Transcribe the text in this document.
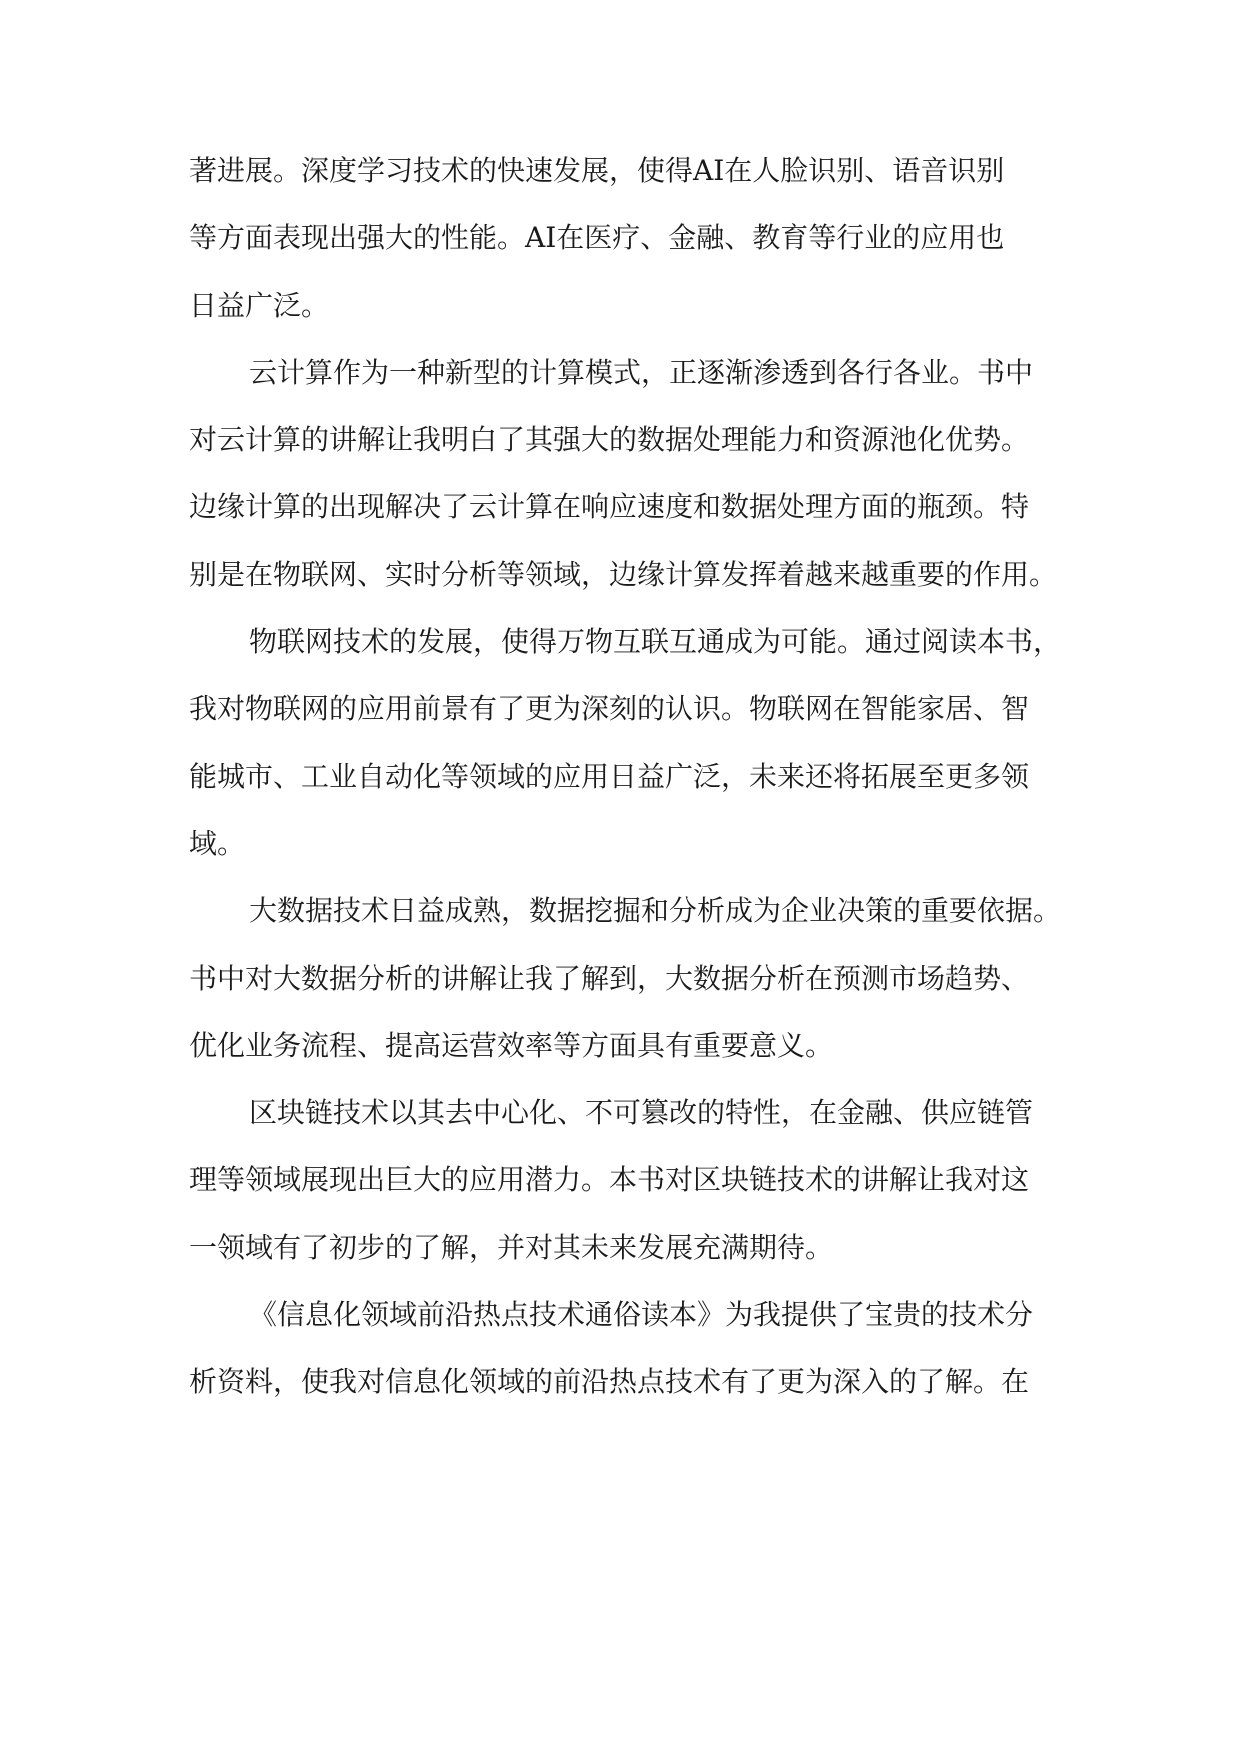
著进展。深度学习技术的快速发展，使得AI在人脸识别、语音识别
等方面表现出强大的性能。AI在医疗、金融、教育等行业的应用也
日益广泛。
云计算作为一种新型的计算模式，正逐渐渗透到各行各业。书中
对云计算的讲解让我明白了其强大的数据处理能力和资源池化优势。
边缘计算的出现解决了云计算在响应速度和数据处理方面的瓶颈。特
别是在物联网、实时分析等领域，边缘计算发挥着越来越重要的作用。
物联网技术的发展，使得万物互联互通成为可能。通过阅读本书，
我对物联网的应用前景有了更为深刻的认识。物联网在智能家居、智
能城市、工业自动化等领域的应用日益广泛，未来还将拓展至更多领
域。
大数据技术日益成熟，数据挖掘和分析成为企业决策的重要依据。
书中对大数据分析的讲解让我了解到，大数据分析在预测市场趋势、
优化业务流程、提高运营效率等方面具有重要意义。
区块链技术以其去中心化、不可篡改的特性，在金融、供应链管
理等领域展现出巨大的应用潜力。本书对区块链技术的讲解让我对这
一领域有了初步的了解，并对其未来发展充满期待。
《信息化领域前沿热点技术通俗读本》为我提供了宝贵的技术分
析资料，使我对信息化领域的前沿热点技术有了更为深入的了解。在
